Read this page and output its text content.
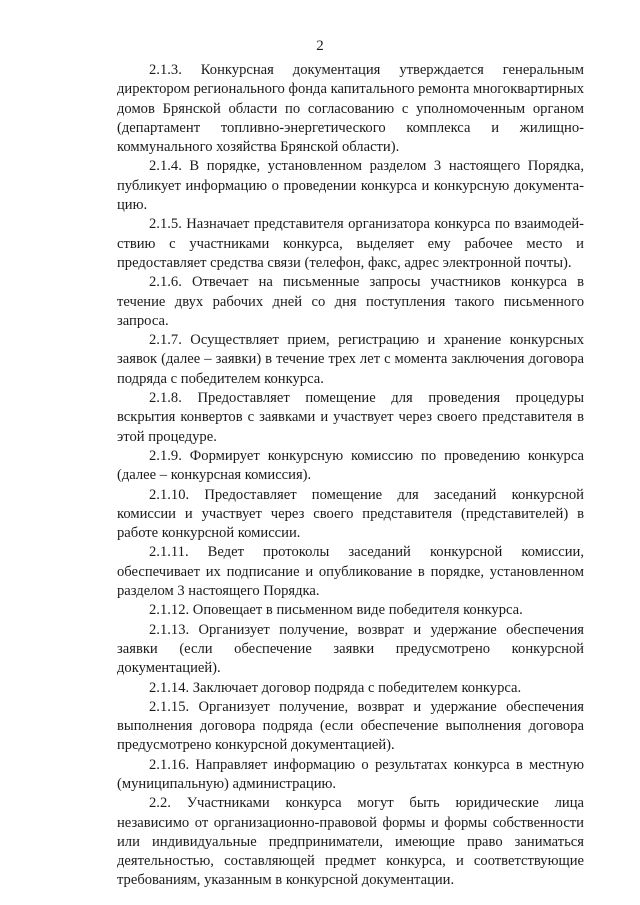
2

2.1.3. Конкурсная документация утверждается генеральным директором регионального фонда капитального ремонта многоквартирных домов Брянской области по согласованию с уполномоченным органом (департамент топливно-энергетического комплекса и жилищно-коммунального хозяйства Брянской области).

2.1.4. В порядке, установленном разделом 3 настоящего Порядка, публикует информацию о проведении конкурса и конкурсную документацию.

2.1.5. Назначает представителя организатора конкурса по взаимодействию с участниками конкурса, выделяет ему рабочее место и предоставляет средства связи (телефон, факс, адрес электронной почты).

2.1.6. Отвечает на письменные запросы участников конкурса в течение двух рабочих дней со дня поступления такого письменного запроса.

2.1.7. Осуществляет прием, регистрацию и хранение конкурсных заявок (далее – заявки) в течение трех лет с момента заключения договора подряда с победителем конкурса.

2.1.8. Предоставляет помещение для проведения процедуры вскрытия конвертов с заявками и участвует через своего представителя в этой процедуре.

2.1.9. Формирует конкурсную комиссию по проведению конкурса (далее – конкурсная комиссия).

2.1.10. Предоставляет помещение для заседаний конкурсной комиссии и участвует через своего представителя (представителей) в работе конкурсной комиссии.

2.1.11. Ведет протоколы заседаний конкурсной комиссии, обеспечивает их подписание и опубликование в порядке, установленном разделом 3 настоящего Порядка.

2.1.12. Оповещает в письменном виде победителя конкурса.

2.1.13. Организует получение, возврат и удержание обеспечения заявки (если обеспечение заявки предусмотрено конкурсной документацией).

2.1.14. Заключает договор подряда с победителем конкурса.

2.1.15. Организует получение, возврат и удержание обеспечения выполнения договора подряда (если обеспечение выполнения договора предусмотрено конкурсной документацией).

2.1.16. Направляет информацию о результатах конкурса в местную (муниципальную) администрацию.

2.2. Участниками конкурса могут быть юридические лица независимо от организационно-правовой формы и формы собственности или индивидуальные предприниматели, имеющие право заниматься деятельностью, составляющей предмет конкурса, и соответствующие требованиям, указанным в конкурсной документации.
